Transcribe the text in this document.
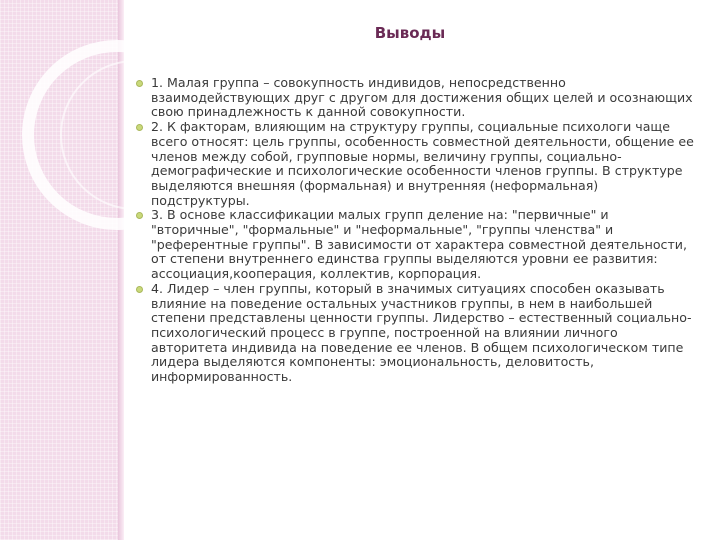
Выводы
1. Малая группа – совокупность индивидов, непосредственно взаимодействующих друг с другом для достижения общих целей и осознающих свою принадлежность к данной совокупности.
2. К факторам, влияющим на структуру группы, социальные психологи чаще всего относят: цель группы, особенность совместной деятельности, общение ее членов между собой, групповые нормы, величину группы, социально-демографические и психологические особенности членов группы. В структуре выделяются внешняя (формальная) и внутренняя (неформальная) подструктуры.
3. В основе классификации малых групп деление на: "первичные" и "вторичные", "формальные" и "неформальные", "группы членства" и "референтные группы". В зависимости от характера совместной деятельности, от степени внутреннего единства группы выделяются уровни ее развития: ассоциация,кооперация, коллектив, корпорация.
4. Лидер – член группы, который в значимых ситуациях способен оказывать влияние на поведение остальных участников группы, в нем в наибольшей степени представлены ценности группы. Лидерство – естественный социально-психологический процесс в группе, построенной на влиянии личного авторитета индивида на поведение ее членов. В общем психологическом типе лидера выделяются компоненты: эмоциональность, деловитость, информированность.
